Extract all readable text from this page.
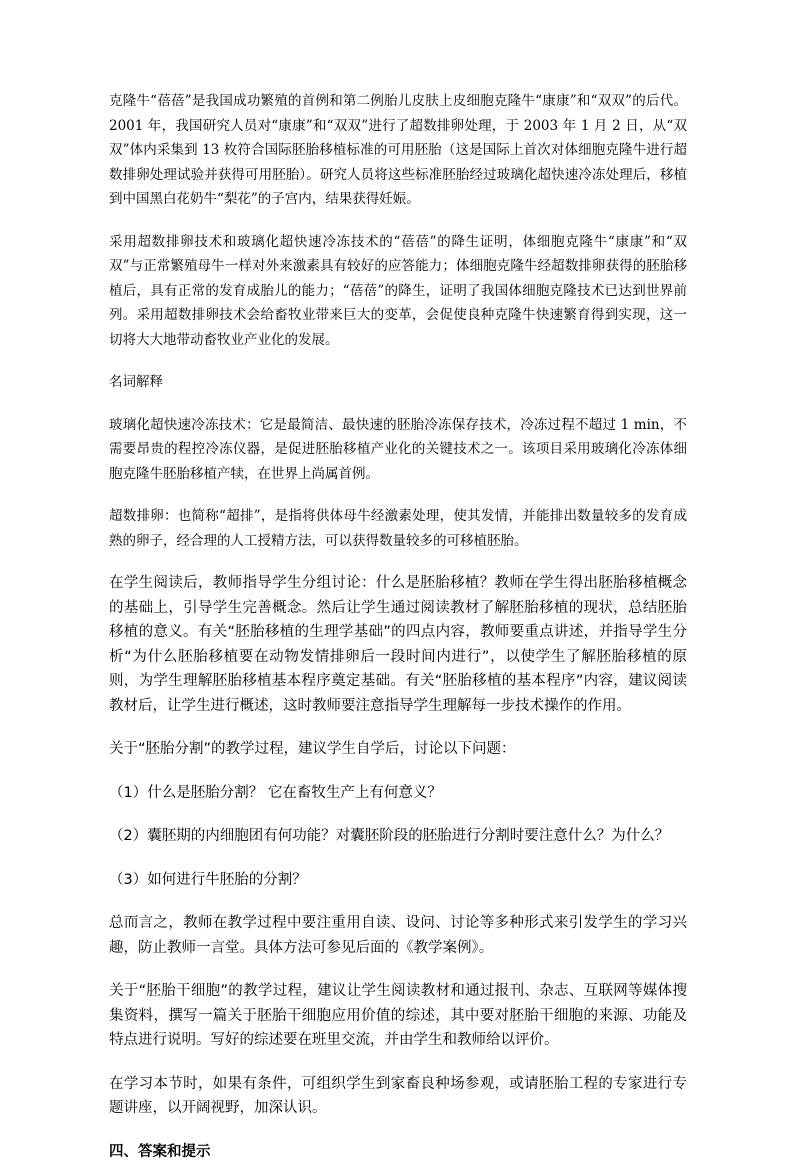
克隆牛“蓓蓓”是我国成功繁殖的首例和第二例胎儿皮肤上皮细胞克隆牛“康康”和“双双”的后代。2001 年，我国研究人员对“康康”和“双双”进行了超数排卵处理，于 2003 年 1 月 2 日，从“双双”体内采集到 13 枚符合国际胚胎移植标准的可用胚胎（这是国际上首次对体细胞克隆牛进行超数排卵处理试验并获得可用胚胎）。研究人员将这些标准胚胎经过玻璃化超快速冷冻处理后，移植到中国黑白花奶牛“梨花”的子宫内，结果获得妊娠。

采用超数排卵技术和玻璃化超快速冷冻技术的“蓓蓓”的降生证明，体细胞克隆牛“康康”和“双双”与正常繁殖母牛一样对外来激素具有较好的应答能力；体细胞克隆牛经超数排卵获得的胚胎移植后，具有正常的发育成胎儿的能力；“蓓蓓”的降生，证明了我国体细胞克隆技术已达到世界前列。采用超数排卵技术会给畜牧业带来巨大的变革，会促使良种克隆牛快速繁育得到实现，这一切将大大地带动畜牧业产业化的发展。

名词解释

玻璃化超快速冷冻技术：它是最简洁、最快速的胚胎冷冻保存技术，冷冻过程不超过 1 min，不需要昂贵的程控冷冻仪器，是促进胚胎移植产业化的关键技术之一。该项目采用玻璃化冷冻体细胞克隆牛胚胎移植产犊，在世界上尚属首例。

超数排卵：也简称“超排”，是指将供体母牛经激素处理，使其发情，并能排出数量较多的发育成熟的卵子，经合理的人工授精方法，可以获得数量较多的可移植胚胎。

在学生阅读后，教师指导学生分组讨论：什么是胚胎移植？教师在学生得出胚胎移植概念的基础上，引导学生完善概念。然后让学生通过阅读教材了解胚胎移植的现状，总结胚胎移植的意义。有关“胚胎移植的生理学基础”的四点内容，教师要重点讲述，并指导学生分析“为什么胚胎移植要在动物发情排卵后一段时间内进行”，以使学生了解胚胎移植的原则，为学生理解胚胎移植基本程序奠定基础。有关“胚胎移植的基本程序”内容，建议阅读教材后，让学生进行概述，这时教师要注意指导学生理解每一步技术操作的作用。

关于“胚胎分割”的教学过程，建议学生自学后，讨论以下问题：

（1）什么是胚胎分割？ 它在畜牧生产上有何意义？

（2）囊胚期的内细胞团有何功能？对囊胚阶段的胚胎进行分割时要注意什么？为什么？

（3）如何进行牛胚胎的分割？

总而言之，教师在教学过程中要注重用自读、设问、讨论等多种形式来引发学生的学习兴趣，防止教师一言堂。具体方法可参见后面的《教学案例》。

关于“胚胎干细胞”的教学过程，建议让学生阅读教材和通过报刊、杂志、互联网等媒体搜集资料，撰写一篇关于胚胎干细胞应用价值的综述，其中要对胚胎干细胞的来源、功能及特点进行说明。写好的综述要在班里交流，并由学生和教师给以评价。

在学习本节时，如果有条件，可组织学生到家畜良种场参观，或请胚胎工程的专家进行专题讲座，以开阔视野，加深认识。

四、答案和提示
